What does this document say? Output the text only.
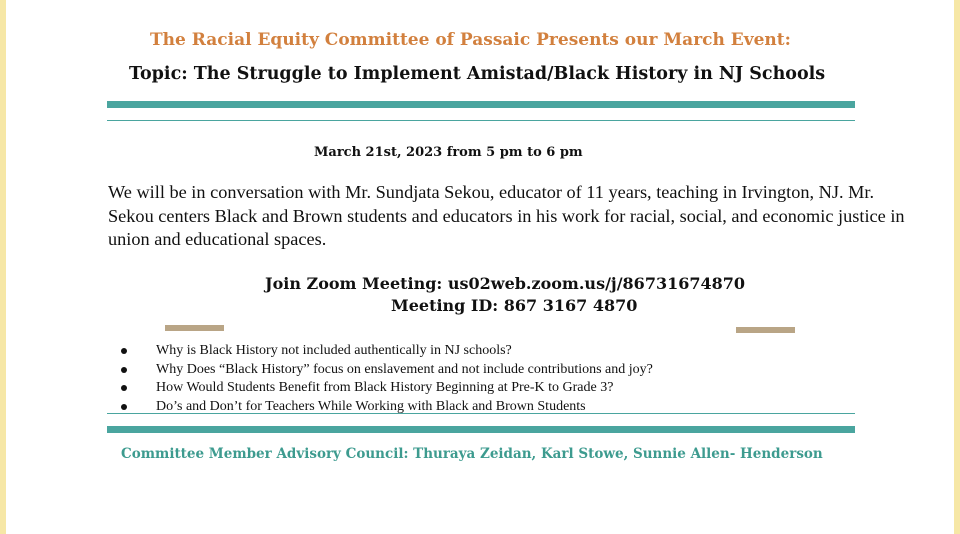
The Racial Equity Committee of Passaic Presents our March Event:
Topic: The Struggle to Implement Amistad/Black History in NJ Schools
March 21st, 2023 from 5 pm to 6 pm
We will be in conversation with Mr. Sundjata Sekou, educator of 11 years, teaching in Irvington, NJ. Mr. Sekou centers Black and Brown students and educators in his work for racial, social, and economic justice in union and educational spaces.
Join Zoom Meeting: us02web.zoom.us/j/86731674870
Meeting ID: 867 3167 4870
Why is Black History not included authentically in NJ schools?
Why Does “Black History” focus on enslavement and not include contributions and joy?
How Would Students Benefit from Black History Beginning at Pre-K to Grade 3?
Do’s and Don’t for Teachers While Working with Black and Brown Students
Committee Member Advisory Council: Thuraya Zeidan, Karl Stowe, Sunnie Allen- Henderson
